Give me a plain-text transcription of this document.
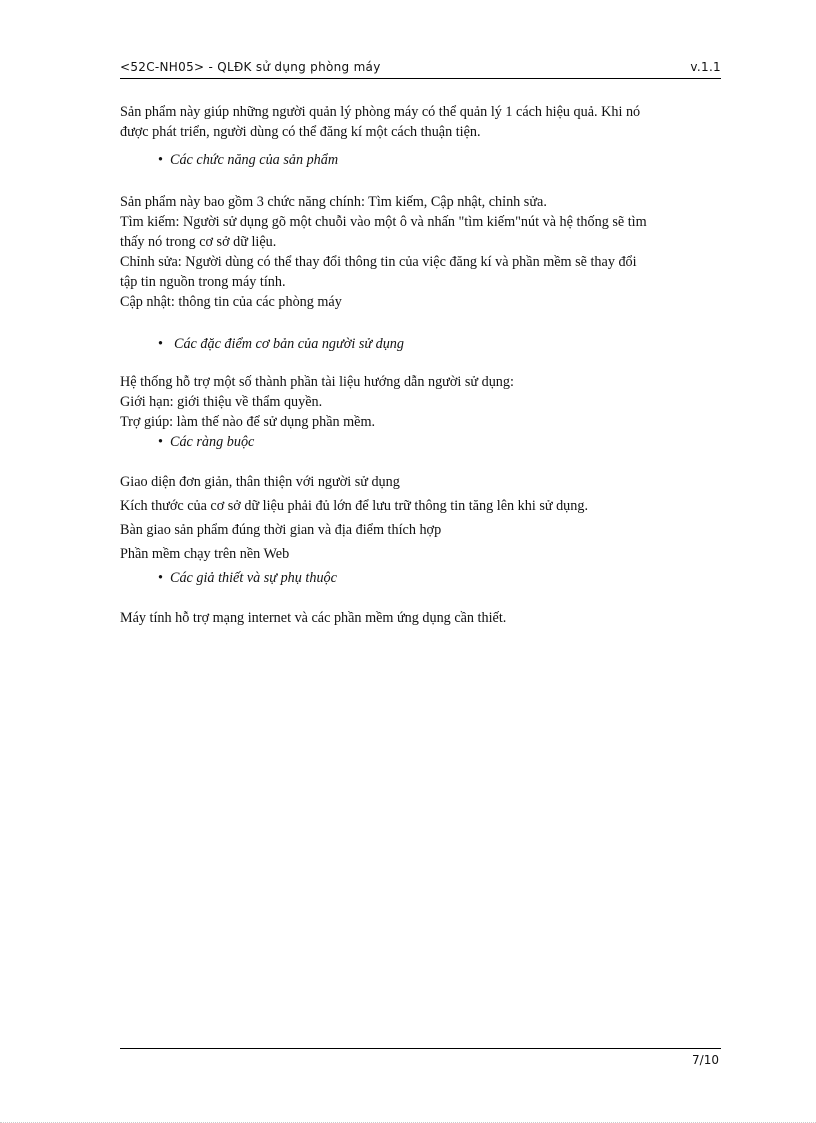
<52C-NH05> - QLĐK sử dụng phòng máy	v.1.1

Sản phẩm này giúp những người quản lý phòng máy có thể quản lý 1 cách hiệu quả. Khi nó

được phát triển, người dùng có thể đăng kí một cách thuận tiện.

• Các chức năng của sản phẩm

Sản phẩm này bao gồm 3 chức năng chính: Tìm kiếm, Cập nhật, chỉnh sửa.

Tìm kiếm: Người sử dụng gõ một chuỗi vào một ô và nhấn "tìm kiếm"nút và hệ thống sẽ tìm

thấy nó trong cơ sở dữ liệu.

Chỉnh sửa: Người dùng có thể thay đổi thông tin của việc đăng kí và phần mềm sẽ thay đổi

tập tin nguồn trong máy tính.

Cập nhật: thông tin của các phòng máy

• Các đặc điểm cơ bản của người sử dụng

Hệ thống hỗ trợ một số thành phần tài liệu hướng dẫn người sử dụng:

Giới hạn: giới thiệu về thẩm quyền.

Trợ giúp: làm thế nào để sử dụng phần mềm.

• Các ràng buộc

Giao diện đơn giản, thân thiện với người sử dụng

Kích thước của cơ sở dữ liệu phải đủ lớn để lưu trữ thông tin tăng lên khi sử dụng.

Bàn giao sản phẩm đúng thời gian và địa điểm thích hợp

Phần mềm chạy trên nền Web

• Các giả thiết và sự phụ thuộc

Máy tính hỗ trợ mạng internet và các phần mềm ứng dụng cần thiết.

7/10
